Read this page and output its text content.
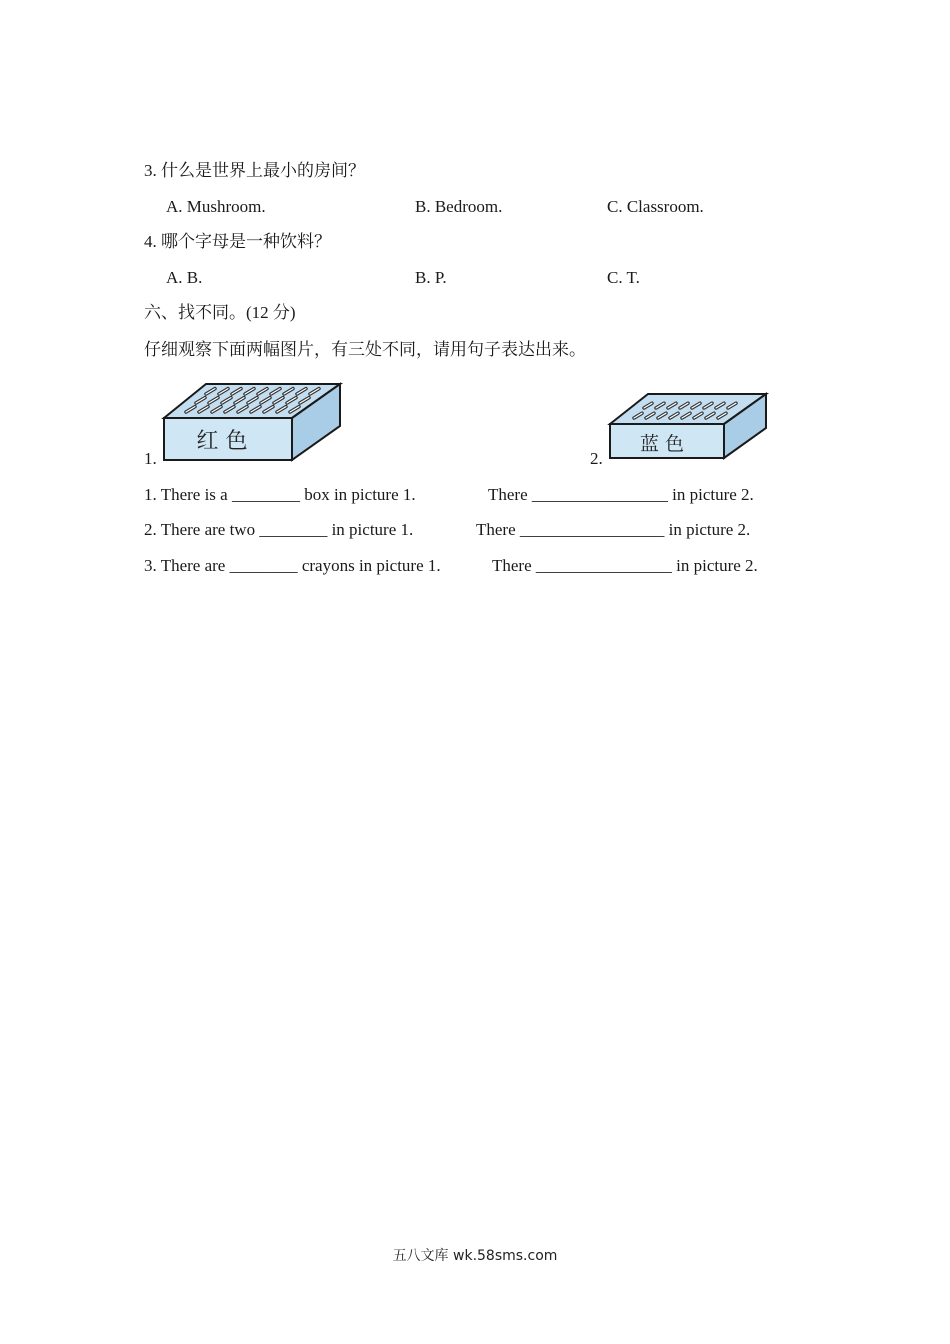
3. 什么是世界上最小的房间？
A. Mushroom.	B. Bedroom.	C. Classroom.
4. 哪个字母是一种饮料？
A. B.	B. P.	C. T.
六、找不同。(12 分)
仔细观察下面两幅图片，有三处不同，请用句子表达出来。
1.
红 色
2.
蓝 色
1. There is a ________ box in picture 1.	There ________________ in picture 2.
2. There are two ________ in picture 1.	There _________________ in picture 2.
3. There are ________ crayons in picture 1.	There ________________ in picture 2.
五八文库 wk.58sms.com
